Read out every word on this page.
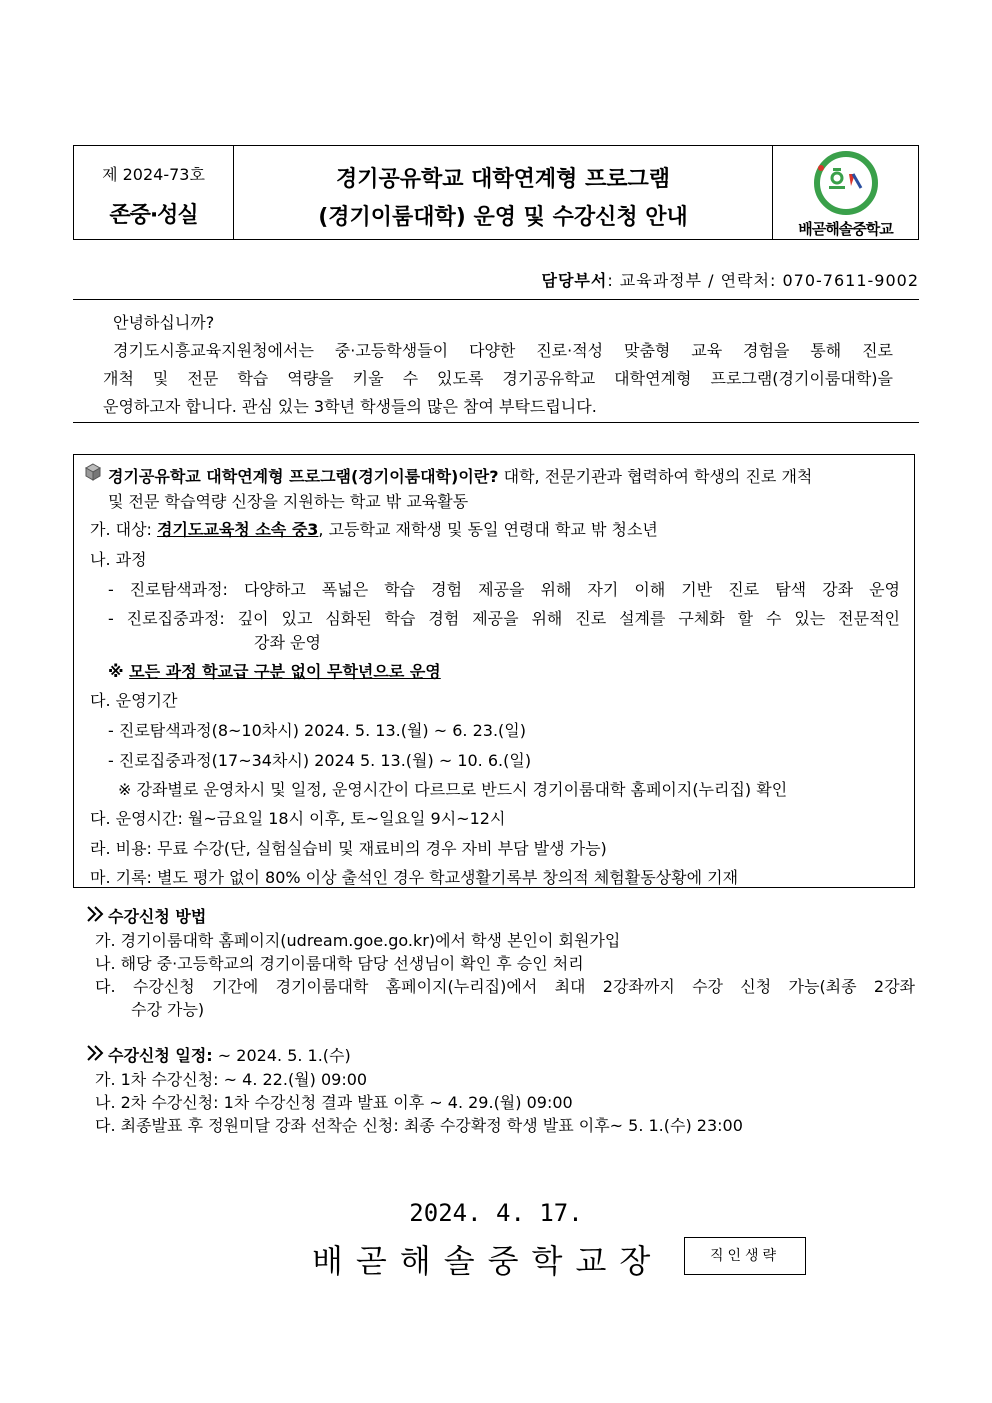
제 2024-73호
존중·성실
경기공유학교 대학연계형 프로그램
(경기이룸대학) 운영 및 수강신청 안내	배곧해솔중학교
담당부서: 교육과정부 / 연락처: 070-7611-9002
안녕하십니까?
경기도시흥교육지원청에서는 중·고등학생들이 다양한 진로·적성 맞춤형 교육 경험을 통해 진로
개척 및 전문 학습 역량을 키울 수 있도록 경기공유학교 대학연계형 프로그램(경기이룸대학)을
운영하고자 합니다. 관심 있는 3학년 학생들의 많은 참여 부탁드립니다.
경기공유학교 대학연계형 프로그램(경기이룸대학)이란? 대학, 전문기관과 협력하여 학생의 진로 개척
및 전문 학습역량 신장을 지원하는 학교 밖 교육활동
가. 대상: 경기도교육청 소속 중3, 고등학교 재학생 및 동일 연령대 학교 밖 청소년
나. 과정
- 진로탐색과정: 다양하고 폭넓은 학습 경험 제공을 위해 자기 이해 기반 진로 탐색 강좌 운영
- 진로집중과정: 깊이 있고 심화된 학습 경험 제공을 위해 진로 설계를 구체화 할 수 있는 전문적인
강좌 운영
※ 모든 과정 학교급 구분 없이 무학년으로 운영
다. 운영기간
- 진로탐색과정(8~10차시) 2024. 5. 13.(월) ~ 6. 23.(일)
- 진로집중과정(17~34차시) 2024 5. 13.(월) ~ 10. 6.(일)
※ 강좌별로 운영차시 및 일정, 운영시간이 다르므로 반드시 경기이룸대학 홈페이지(누리집) 확인
다. 운영시간: 월~금요일 18시 이후, 토~일요일 9시~12시
라. 비용: 무료 수강(단, 실험실습비 및 재료비의 경우 자비 부담 발생 가능)
마. 기록: 별도 평가 없이 80% 이상 출석인 경우 학교생활기록부 창의적 체험활동상황에 기재
수강신청 방법
가. 경기이룸대학 홈페이지(udream.goe.go.kr)에서 학생 본인이 회원가입
나. 해당 중·고등학교의 경기이룸대학 담당 선생님이 확인 후 승인 처리
다. 수강신청 기간에 경기이룸대학 홈페이지(누리집)에서 최대 2강좌까지 수강 신청 가능(최종 2강좌
수강 가능)
수강신청 일정: ~ 2024. 5. 1.(수)
가. 1차 수강신청: ~ 4. 22.(월) 09:00
나. 2차 수강신청: 1차 수강신청 결과 발표 이후 ~ 4. 29.(월) 09:00
다. 최종발표 후 정원미달 강좌 선착순 신청: 최종 수강확정 학생 발표 이후~ 5. 1.(수) 23:00
2024. 4. 17.
배곧해솔중학교장	직인생략
